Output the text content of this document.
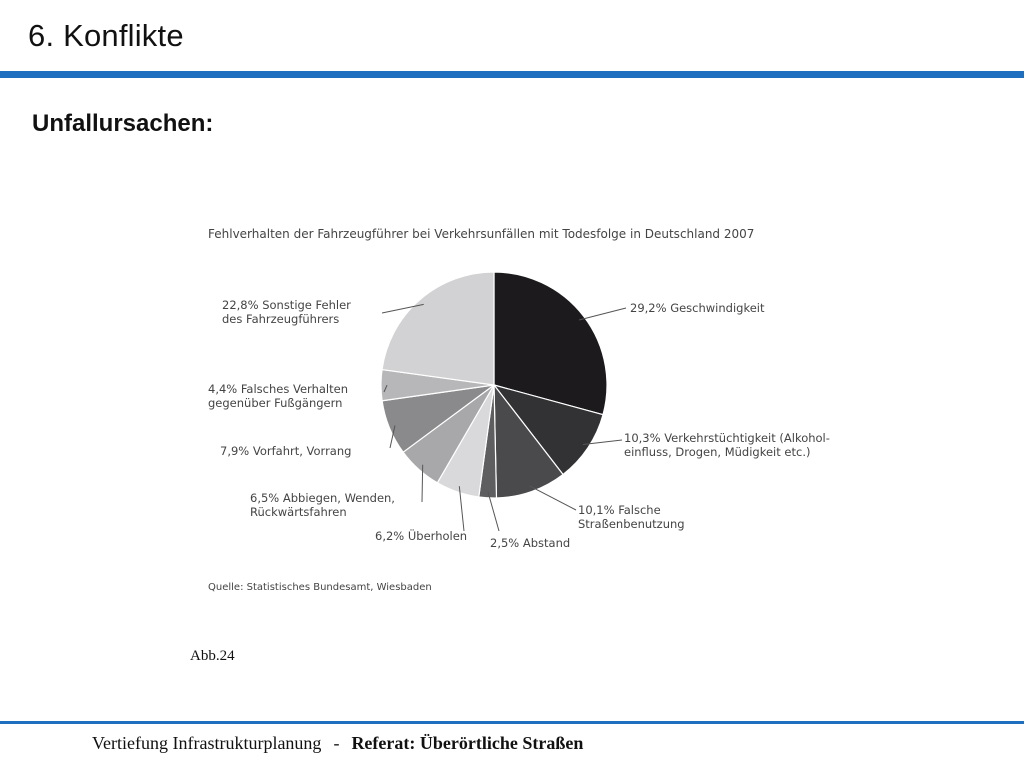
6. Konflikte
Unfallursachen:
Fehlverhalten der Fahrzeugführer bei Verkehrsunfällen mit Todesfolge in Deutschland 2007
29,2% Geschwindigkeit
10,3% Verkehrstüchtigkeit (Alkohol-
einfluss, Drogen, Müdigkeit etc.)
10,1% Falsche
Straßenbenutzung
2,5% Abstand
6,2% Überholen
6,5% Abbiegen, Wenden,
Rückwärtsfahren
7,9% Vorfahrt, Vorrang
4,4% Falsches Verhalten
gegenüber Fußgängern
22,8% Sonstige Fehler
des Fahrzeugführers
Quelle: Statistisches Bundesamt, Wiesbaden
Abb.24
Vertiefung Infrastrukturplanung - Referat: Überörtliche Straßen
